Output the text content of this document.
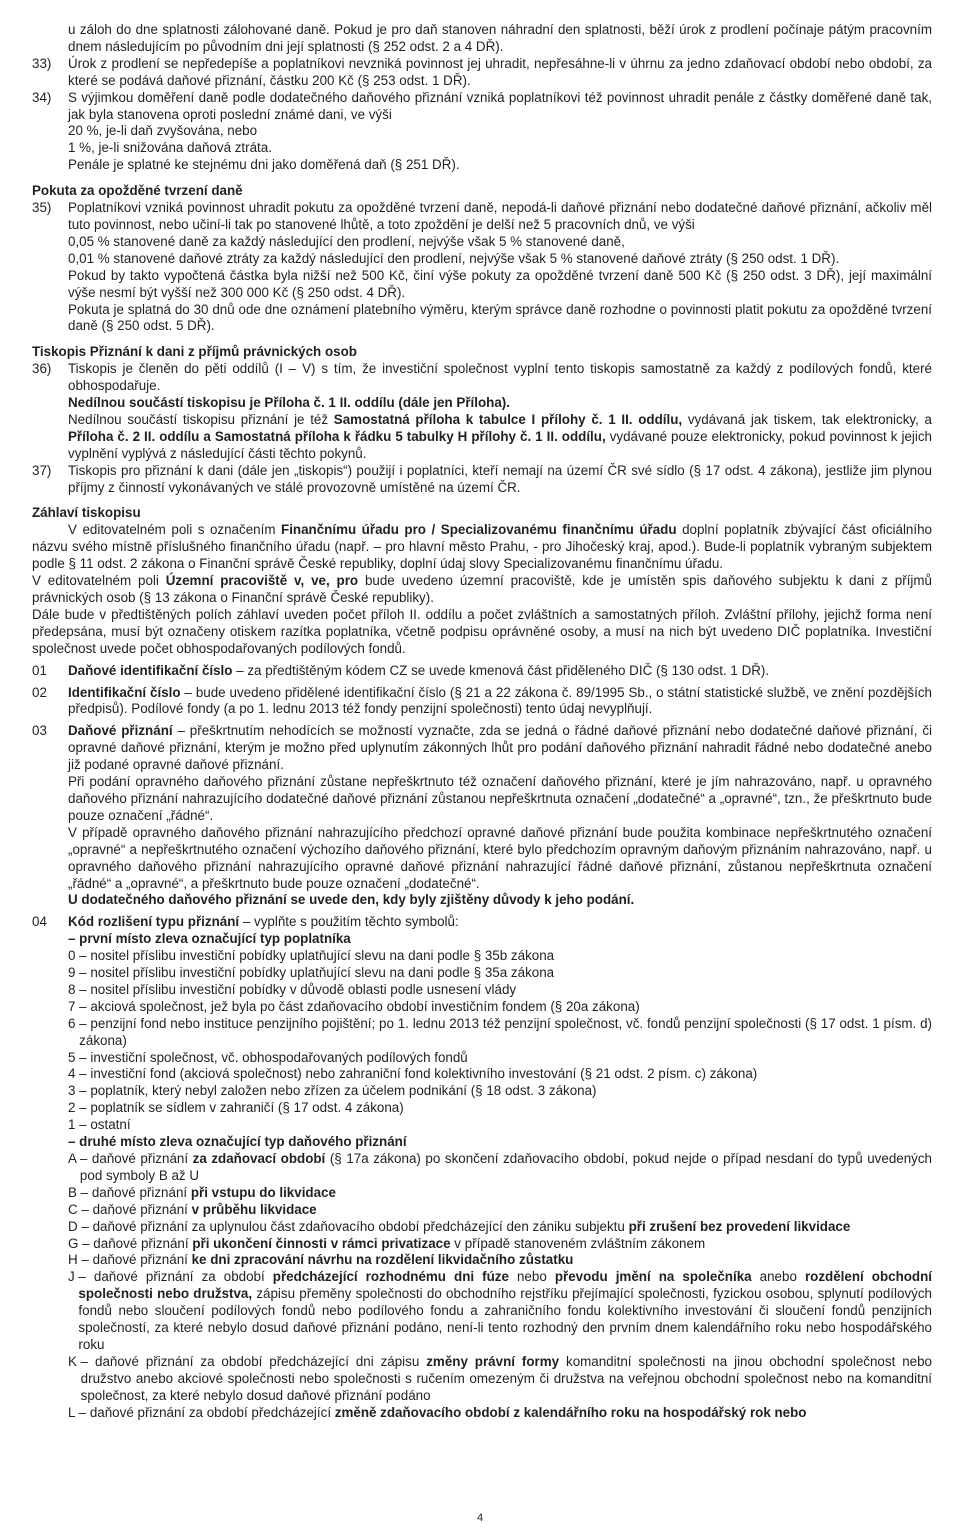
u záloh do dne splatnosti zálohované daně. Pokud je pro daň stanoven náhradní den splatnosti, běží úrok z prodlení počínaje pátým pracovním dnem následujícím po původním dni její splatnosti (§ 252 odst. 2 a 4 DŘ).

33)	Úrok z prodlení se nepředepíše a poplatníkovi nevzniká povinnost jej uhradit, nepřesáhne-li v úhrnu za jedno zdaňovací období nebo období, za které se podává daňové přiznání, částku 200 Kč (§ 253 odst. 1 DŘ).
34)	S výjimkou doměření daně podle dodatečného daňového přiznání vzniká poplatníkovi též povinnost uhradit penále z částky doměřené daně tak, jak byla stanovena oproti poslední známé dani, ve výši

20 %, je-li daň zvyšována, nebo

1 %, je-li snižována daňová ztráta.

Penále je splatné ke stejnému dni jako doměřená daň (§ 251 DŘ).

Pokuta za opožděné tvrzení daně

35)	Poplatníkovi vzniká povinnost uhradit pokutu za opožděné tvrzení daně, nepodá-li daňové přiznání nebo dodatečné daňové přiznání, ačkoliv měl tuto povinnost, nebo učiní-li tak po stanovené lhůtě, a toto zpoždění je delší než 5 pracovních dnů, ve výši

0,05 % stanovené daně za každý následující den prodlení, nejvýše však 5 % stanovené daně,

0,01 % stanovené daňové ztráty za každý následující den prodlení, nejvýše však 5 % stanovené daňové ztráty (§ 250 odst. 1 DŘ).

Pokud by takto vypočtená částka byla nižší než 500 Kč, činí výše pokuty za opožděné tvrzení daně 500 Kč (§ 250 odst. 3 DŘ), její maximální výše nesmí být vyšší než 300 000 Kč (§ 250 odst. 4 DŘ).

Pokuta je splatná do 30 dnů ode dne oznámení platebního výměru, kterým správce daně rozhodne o povinnosti platit pokutu za opožděné tvrzení daně (§ 250 odst. 5 DŘ).

Tiskopis Přiznání k dani z příjmů právnických osob

36)	Tiskopis je členěn do pěti oddílů (I – V) s tím, že investiční společnost vyplní tento tiskopis samostatně za každý z podílových fondů, které obhospodařuje.

Nedílnou součástí tiskopisu je Příloha č. 1 II. oddílu (dále jen Příloha).

Nedílnou součástí tiskopisu přiznání je též Samostatná příloha k tabulce I přílohy č. 1 II. oddílu, vydávaná jak tiskem, tak elektronicky, a Příloha č. 2 II. oddílu a Samostatná příloha k řádku 5 tabulky H přílohy č. 1 II. oddílu, vydávané pouze elektronicky, pokud povinnost k jejich vyplnění vyplývá z následující části těchto pokynů.

37)	Tiskopis pro přiznání k dani (dále jen „tiskopis“) použijí i poplatníci, kteří nemají na území ČR své sídlo (§ 17 odst. 4 zákona), jestliže jim plynou příjmy z činností vykonávaných ve stálé provozovně umístěné na území ČR.

Záhlaví tiskopisu

V editovatelném poli s označením Finančnímu úřadu pro / Specializovanému finančnímu úřadu doplní poplatník zbývající část oficiálního názvu svého místně příslušného finančního úřadu (např. – pro hlavní město Prahu, - pro Jihočeský kraj, apod.). Bude-li poplatník vybraným subjektem podle § 11 odst. 2 zákona o Finanční správě České republiky, doplní údaj slovy Specializovanému finančnímu úřadu.

V editovatelném poli Územní pracoviště v, ve, pro bude uvedeno územní pracoviště, kde je umístěn spis daňového subjektu k dani z příjmů právnických osob (§ 13 zákona o Finanční správě České republiky).

Dále bude v předtištěných polích záhlaví uveden počet příloh II. oddílu a počet zvláštních a samostatných příloh. Zvláštní přílohy, jejichž forma není předepsána, musí být označeny otiskem razítka poplatníka, včetně podpisu oprávněné osoby, a musí na nich být uvedeno DIČ poplatníka. Investiční společnost uvede počet obhospodařovaných podílových fondů.

01	Daňové identifikační číslo – za předtištěným kódem CZ se uvede kmenová část přiděleného DIČ (§ 130 odst. 1 DŘ).
02	Identifikační číslo – bude uvedeno přidělené identifikační číslo (§ 21 a 22 zákona č. 89/1995 Sb., o státní statistické službě, ve znění pozdějších předpisů). Podílové fondy (a po 1. lednu 2013 též fondy penzijní společnosti) tento údaj nevyplňují.
03	Daňové přiznání – přeškrtnutím nehodících se možností vyznačte, zda se jedná o řádné daňové přiznání nebo dodatečné daňové přiznání, či opravné daňové přiznání, kterým je možno před uplynutím zákonných lhůt pro podání daňového přiznání nahradit řádné nebo dodatečné anebo již podané opravné daňové přiznání.

Při podání opravného daňového přiznání zůstane nepřeškrtnuto též označení daňového přiznání, které je jím nahrazováno, např. u opravného daňového přiznání nahrazujícího dodatečné daňové přiznání zůstanou nepřeškrtnuta označení „dodatečné“ a „opravné“, tzn., že přeškrtnuto bude pouze označení „řádné“.

V případě opravného daňového přiznání nahrazujícího předchozí opravné daňové přiznání bude použita kombinace nepřeškrtnutého označení „opravné“ a nepřeškrtnutého označení výchozího daňového přiznání, které bylo předchozím opravným daňovým přiznáním nahrazováno, např. u opravného daňového přiznání nahrazujícího opravné daňové přiznání nahrazující řádné daňové přiznání, zůstanou nepřeškrtnuta označení „řádné“ a „opravné“, a přeškrtnuto bude pouze označení „dodatečné“.

U dodatečného daňového přiznání se uvede den, kdy byly zjištěny důvody k jeho podání.

04	Kód rozlišení typu přiznání – vyplňte s použitím těchto symbolů:

– první místo zleva označující typ poplatníka

0 – nositel příslibu investiční pobídky uplatňující slevu na dani podle § 35b zákona
9 – nositel příslibu investiční pobídky uplatňující slevu na dani podle § 35a zákona
8 – nositel příslibu investiční pobídky v důvodě oblasti podle usnesení vlády
7 – akciová společnost, jež byla po část zdaňovacího období investičním fondem (§ 20a zákona)
6 – penzijní fond nebo instituce penzijního pojištění; po 1. lednu 2013 též penzijní společnost, vč. fondů penzijní společnosti (§ 17 odst. 1 písm. d) zákona)
5 – investiční společnost, vč. obhospodařovaných podílových fondů
4 – investiční fond (akciová společnost) nebo zahraniční fond kolektivního investování (§ 21 odst. 2 písm. c) zákona)
3 – poplatník, který nebyl založen nebo zřízen za účelem podnikání (§ 18 odst. 3 zákona)
2 – poplatník se sídlem v zahraničí (§ 17 odst. 4 zákona)
1 – ostatní

– druhé místo zleva označující typ daňového přiznání

A – daňové přiznání za zdaňovací období (§ 17a zákona) po skončení zdaňovacího období, pokud nejde o případ nesdaní do typů uvedených pod symboly B až U
B – daňové přiznání při vstupu do likvidace
C – daňové přiznání v průběhu likvidace
D – daňové přiznání za uplynulou část zdaňovacího období předcházející den zániku subjektu při zrušení bez provedení likvidace
G – daňové přiznání při ukončení činnosti v rámci privatizace v případě stanoveném zvláštním zákonem
H – daňové přiznání ke dni zpracování návrhu na rozdělení likvidačního zůstatku
J – daňové přiznání za období předcházející rozhodnému dni fúze nebo převodu jmění na společníka anebo rozdělení obchodní společnosti nebo družstva, zápisu přeměny společnosti do obchodního rejstříku přejímající společnosti, fyzickou osobou, splynutí podílových fondů nebo sloučení podílových fondů nebo podílového fondu a zahraničního fondu kolektivního investování či sloučení fondů penzijních společností, za které nebylo dosud daňové přiznání podáno, není-li tento rozhodný den prvním dnem kalendářního roku nebo hospodářského roku
K – daňové přiznání za období předcházející dni zápisu změny právní formy komanditní společnosti na jinou obchodní společnost nebo družstvo anebo akciové společnosti nebo společnosti s ručením omezeným či družstva na veřejnou obchodní společnost nebo na komanditní společnost, za které nebylo dosud daňové přiznání podáno
L – daňové přiznání za období předcházející změně zdaňovacího období z kalendářního roku na hospodářský rok nebo
4
